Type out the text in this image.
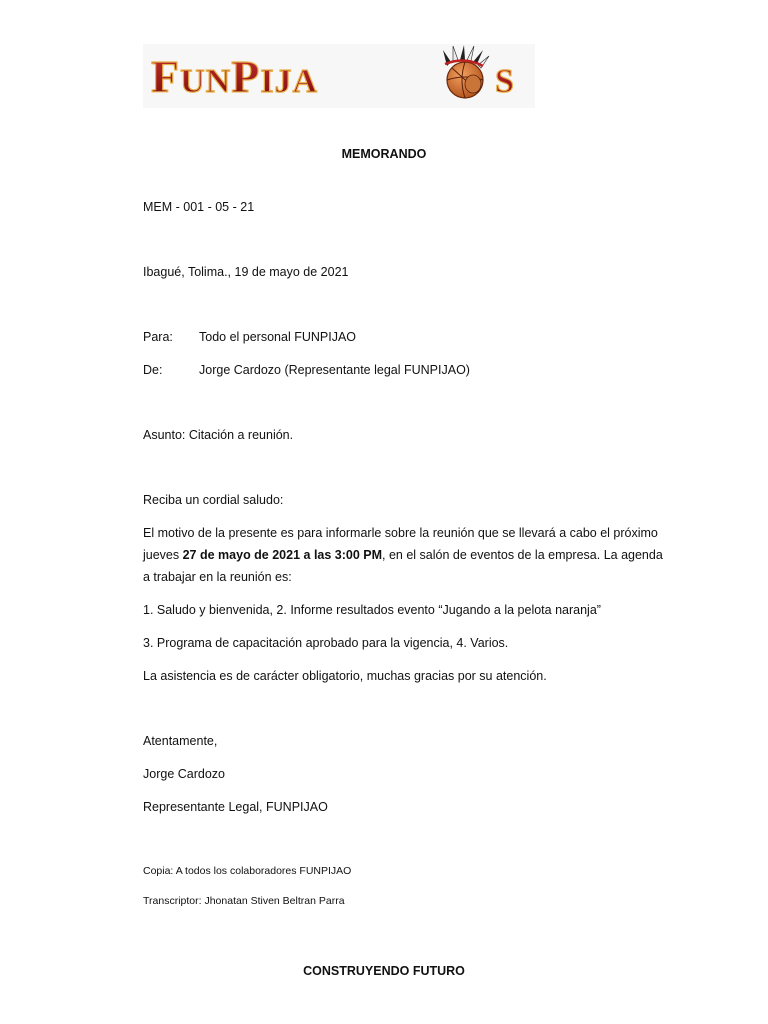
FUNPIJA	S
MEMORANDO
MEM - 001 - 05 - 21
Ibagué, Tolima., 19 de mayo de 2021
Para: Todo el personal FUNPIJAO
De:	Jorge Cardozo (Representante legal FUNPIJAO)
Asunto: Citación a reunión.
Reciba un cordial saludo:
El motivo de la presente es para informarle sobre la reunión que se llevará a cabo el próximo jueves 27 de mayo de 2021 a las 3:00 PM, en el salón de eventos de la empresa. La agenda a trabajar en la reunión es:
1. Saludo y bienvenida, 2. Informe resultados evento “Jugando a la pelota naranja”
3. Programa de capacitación aprobado para la vigencia, 4. Varios.
La asistencia es de carácter obligatorio, muchas gracias por su atención.
Atentamente,
Jorge Cardozo
Representante Legal, FUNPIJAO
Copia: A todos los colaboradores FUNPIJAO
Transcriptor: Jhonatan Stiven Beltran Parra
CONSTRUYENDO FUTURO
